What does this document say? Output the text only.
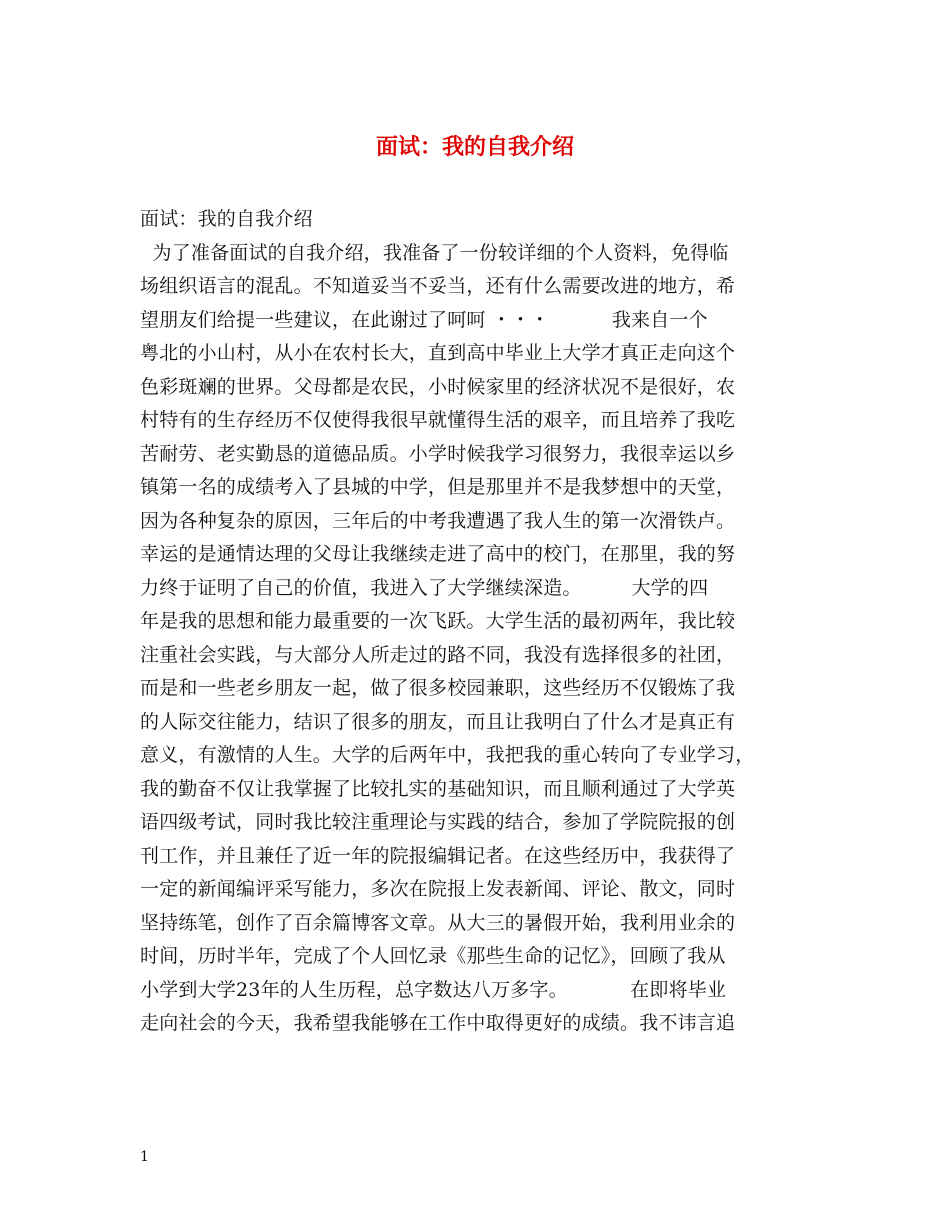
面试：我的自我介绍
面试：我的自我介绍
为了准备面试的自我介绍，我准备了一份较详细的个人资料，免得临
场组织语言的混乱。不知道妥当不妥当，还有什么需要改进的地方，希
望朋友们给提一些建议，在此谢过了呵呵 ・・・          我来自一个
粤北的小山村，从小在农村长大，直到高中毕业上大学才真正走向这个
色彩斑斓的世界。父母都是农民，小时候家里的经济状况不是很好，农
村特有的生存经历不仅使得我很早就懂得生活的艰辛，而且培养了我吃
苦耐劳、老实勤恳的道德品质。小学时候我学习很努力，我很幸运以乡
镇第一名的成绩考入了县城的中学，但是那里并不是我梦想中的天堂，
因为各种复杂的原因，三年后的中考我遭遇了我人生的第一次滑铁卢。
幸运的是通情达理的父母让我继续走进了高中的校门，在那里，我的努
力终于证明了自己的价值，我进入了大学继续深造。        大学的四
年是我的思想和能力最重要的一次飞跃。大学生活的最初两年，我比较
注重社会实践，与大部分人所走过的路不同，我没有选择很多的社团，
而是和一些老乡朋友一起，做了很多校园兼职，这些经历不仅锻炼了我
的人际交往能力，结识了很多的朋友，而且让我明白了什么才是真正有
意义，有激情的人生。大学的后两年中，我把我的重心转向了专业学习，
我的勤奋不仅让我掌握了比较扎实的基础知识，而且顺利通过了大学英
语四级考试，同时我比较注重理论与实践的结合，参加了学院院报的创
刊工作，并且兼任了近一年的院报编辑记者。在这些经历中，我获得了
一定的新闻编评采写能力，多次在院报上发表新闻、评论、散文，同时
坚持练笔，创作了百余篇博客文章。从大三的暑假开始，我利用业余的
时间，历时半年，完成了个人回忆录《那些生命的记忆》，回顾了我从
小学到大学23年的人生历程，总字数达八万多字。          在即将毕业
走向社会的今天，我希望我能够在工作中取得更好的成绩。我不讳言追
1
